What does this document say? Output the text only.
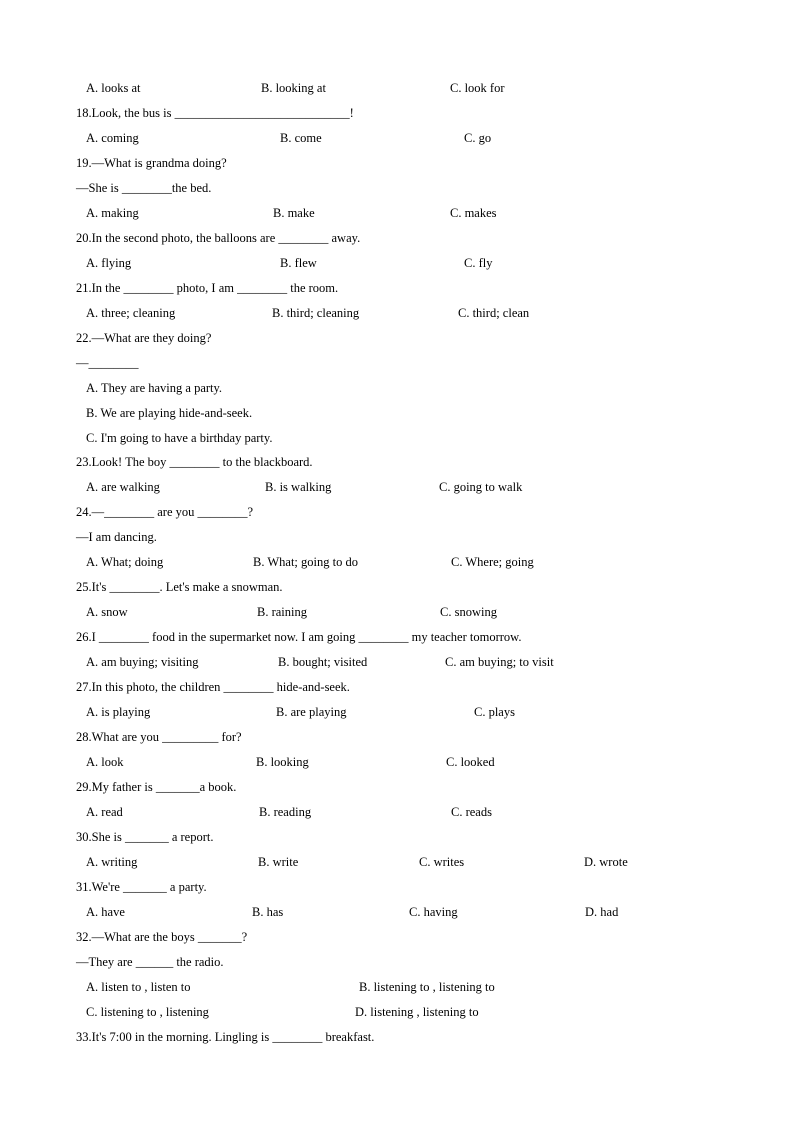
A. looks at	B. looking at	C. look for
18.Look, the bus is ____________________________!
A. coming	B. come	C. go
19.—What is grandma doing?
—She is ________the bed.
A. making	B. make	C. makes
20.In the second photo, the balloons are ________ away.
A. flying	B. flew	C. fly
21.In the ________ photo, I am ________ the room.
A. three; cleaning	B. third; cleaning	C. third; clean
22.—What are they doing?
—________
A. They are having a party.
B. We are playing hide-and-seek.
C. I'm going to have a birthday party.
23.Look! The boy ________ to the blackboard.
A. are walking	B. is walking	C. going to walk
24.—________ are you ________?
—I am dancing.
A. What; doing	B. What; going to do	C. Where; going
25.It's ________. Let's make a snowman.
A. snow	B. raining	C. snowing
26.I ________ food in the supermarket now. I am going ________ my teacher tomorrow.
A. am buying; visiting	B. bought; visited	C. am buying; to visit
27.In this photo, the children ________ hide-and-seek.
A. is playing	B. are playing	C. plays
28.What are you _________ for?
A. look	B. looking	C. looked
29.My father is _______a book.
A. read	B. reading	C. reads
30.She is _______ a report.
A. writing	B. write	C. writes	D. wrote
31.We're _______ a party.
A. have	B. has	C. having	D. had
32.—What are the boys _______?
—They are ______ the radio.
A. listen to , listen to	B. listening to , listening to
C. listening to , listening	D. listening , listening to
33.It's 7:00 in the morning. Lingling is ________ breakfast.
